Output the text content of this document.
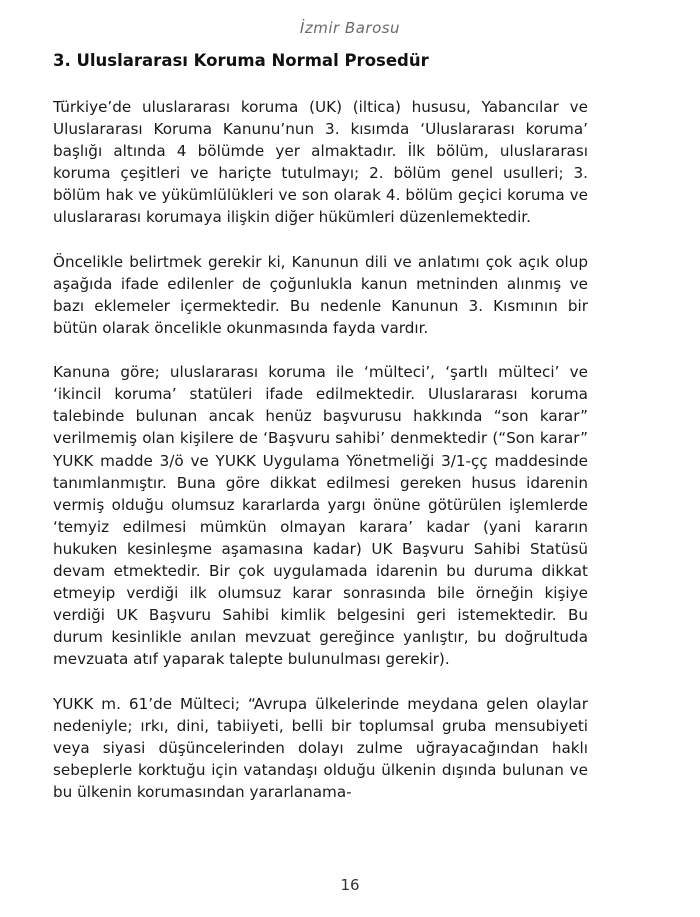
İzmir Barosu
3. Uluslararası Koruma Normal Prosedür

Türkiye’de uluslararası koruma (UK) (iltica) hususu, Yabancılar ve Uluslararası Koruma Kanunu’nun 3. kısımda ‘Uluslararası koruma’ başlığı altında 4 bölümde yer almaktadır. İlk bölüm, uluslararası koruma çeşitleri ve hariçte tutulmayı; 2. bölüm genel usulleri; 3. bölüm hak ve yükümlülükleri ve son olarak 4. bölüm geçici koruma ve uluslararası korumaya ilişkin diğer hükümleri düzenlemektedir.

Öncelikle belirtmek gerekir ki, Kanunun dili ve anlatımı çok açık olup aşağıda ifade edilenler de çoğunlukla kanun metninden alınmış ve bazı eklemeler içermektedir. Bu nedenle Kanunun 3. Kısmının bir bütün olarak öncelikle okunmasında fayda vardır.

Kanuna göre; uluslararası koruma ile ‘mülteci’, ‘şartlı mülteci’ ve ‘ikincil koruma’ statüleri ifade edilmektedir. Uluslararası koruma talebinde bulunan ancak henüz başvurusu hakkında “son karar” verilmemiş olan kişilere de ‘Başvuru sahibi’ denmektedir (“Son karar” YUKK madde 3/ö ve YUKK Uygulama Yönetmeliği 3/1-çç maddesinde tanımlanmıştır. Buna göre dikkat edilmesi gereken husus idarenin vermiş olduğu olumsuz kararlarda yargı önüne götürülen işlemlerde ‘temyiz edilmesi mümkün olmayan karara’ kadar (yani kararın hukuken kesinleşme aşamasına kadar) UK Başvuru Sahibi Statüsü devam etmektedir. Bir çok uygulamada idarenin bu duruma dikkat etmeyip verdiği ilk olumsuz karar sonrasında bile örneğin kişiye verdiği UK Başvuru Sahibi kimlik belgesini geri istemektedir. Bu durum kesinlikle anılan mevzuat gereğince yanlıştır, bu doğrultuda mevzuata atıf yaparak talepte bulunulması gerekir).

YUKK m. 61’de Mülteci; “Avrupa ülkelerinde meydana gelen olaylar nedeniyle; ırkı, dini, tabiiyeti, belli bir toplumsal gruba mensubiyeti veya siyasi düşüncelerinden dolayı zulme uğrayacağından haklı sebeplerle korktuğu için vatandaşı olduğu ülkenin dışında bulunan ve bu ülkenin korumasından yararlanama-

16
